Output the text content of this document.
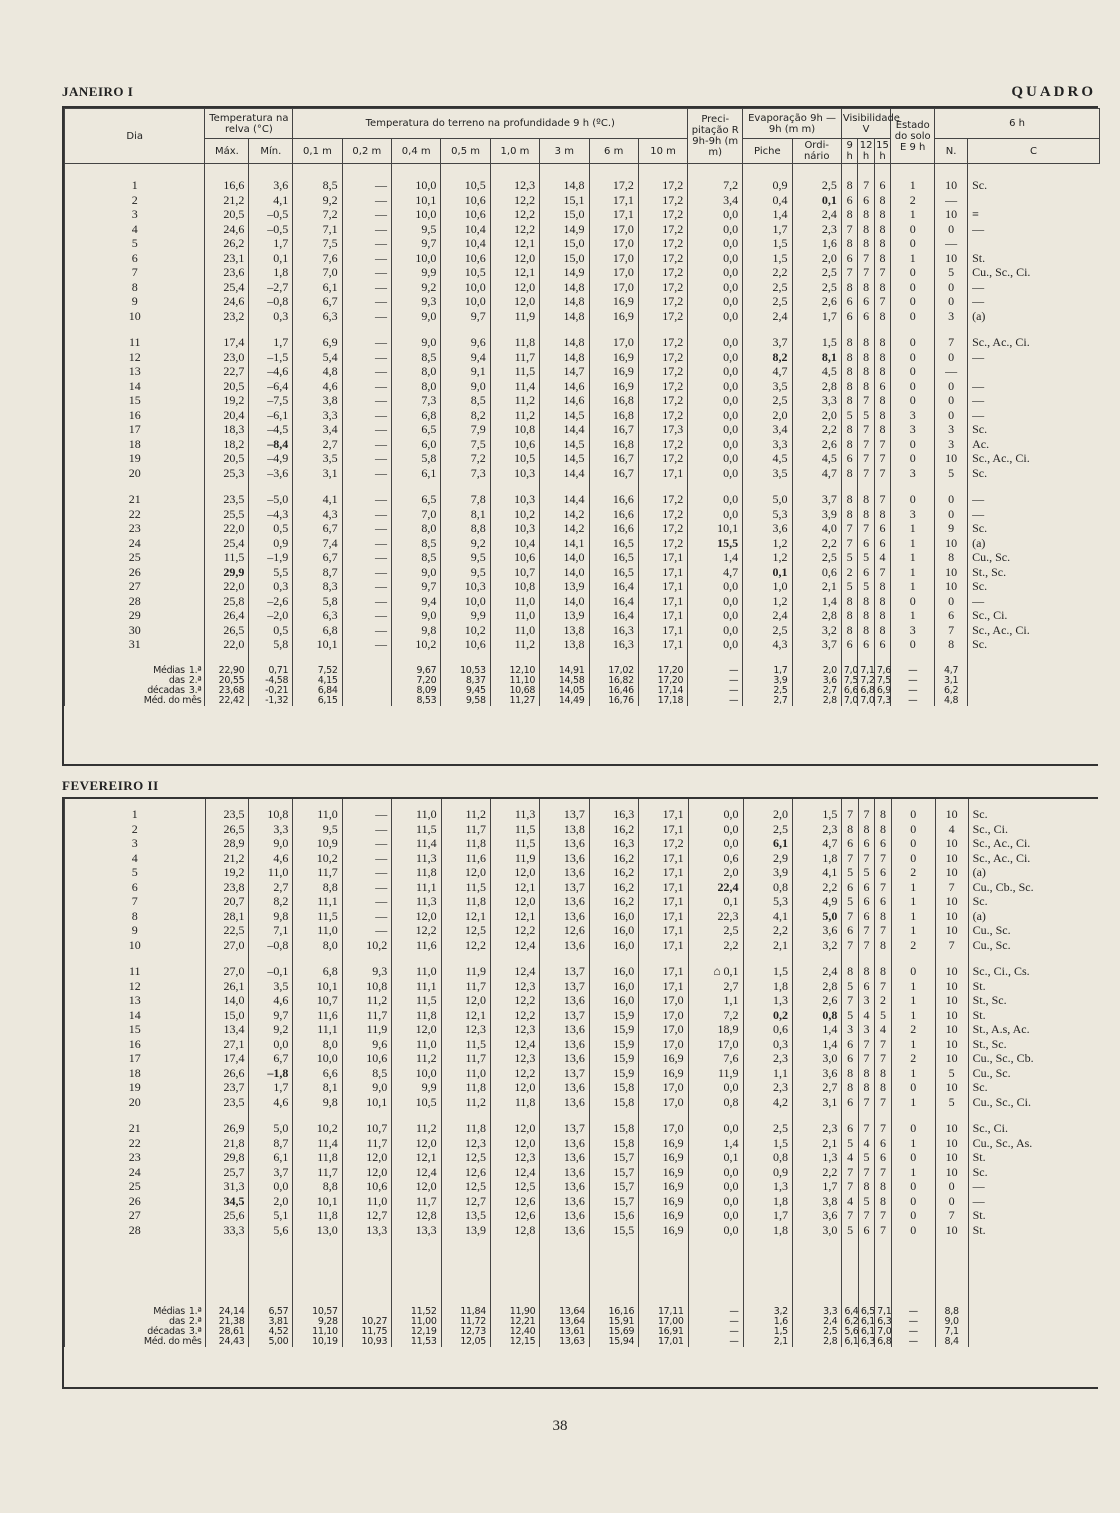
JANEIRO I	QUADRO
Dia	Temperatura na relva (°C)		Temperatura do terreno na profundidade 9 h (ºC.)								Preci-pitação R 9h-9h (m m)	Evaporação 9h — 9h (m m)		Visibilidade V			Estado do solo E 9 h	6 h	
	Máx.	Mín.	0,1 m	0,2 m	0,4 m	0,5 m	1,0 m	3 m	6 m	10 m		Piche	Ordi-nário	9 h	12 h	15 h		N.	C

1	16,6	3,6	8,5	—	10,0	10,5	12,3	14,8	17,2	17,2	7,2	0,9	2,5	8	7	6	1	10	Sc.
2	21,2	4,1	9,2	—	10,1	10,6	12,2	15,1	17,1	17,2	3,4	0,4	0,1	6	6	8	2	—	
3	20,5	–0,5	7,2	—	10,0	10,6	12,2	15,0	17,1	17,2	0,0	1,4	2,4	8	8	8	1	10	≡
4	24,6	–0,5	7,1	—	9,5	10,4	12,2	14,9	17,0	17,2	0,0	1,7	2,3	7	8	8	0	0	—
5	26,2	1,7	7,5	—	9,7	10,4	12,1	15,0	17,0	17,2	0,0	1,5	1,6	8	8	8	0	—	
6	23,1	0,1	7,6	—	10,0	10,6	12,0	15,0	17,0	17,2	0,0	1,5	2,0	6	7	8	1	10	St.
7	23,6	1,8	7,0	—	9,9	10,5	12,1	14,9	17,0	17,2	0,0	2,2	2,5	7	7	7	0	5	Cu., Sc., Ci.
8	25,4	–2,7	6,1	—	9,2	10,0	12,0	14,8	17,0	17,2	0,0	2,5	2,5	8	8	8	0	0	—
9	24,6	–0,8	6,7	—	9,3	10,0	12,0	14,8	16,9	17,2	0,0	2,5	2,6	6	6	7	0	0	—
10	23,2	0,3	6,3	—	9,0	9,7	11,9	14,8	16,9	17,2	0,0	2,4	1,7	6	6	8	0	3	(a)

11	17,4	1,7	6,9	—	9,0	9,6	11,8	14,8	17,0	17,2	0,0	3,7	1,5	8	8	8	0	7	Sc., Ac., Ci.
12	23,0	–1,5	5,4	—	8,5	9,4	11,7	14,8	16,9	17,2	0,0	8,2	8,1	8	8	8	0	0	—
13	22,7	–4,6	4,8	—	8,0	9,1	11,5	14,7	16,9	17,2	0,0	4,7	4,5	8	8	8	0	—	
14	20,5	–6,4	4,6	—	8,0	9,0	11,4	14,6	16,9	17,2	0,0	3,5	2,8	8	8	6	0	0	—
15	19,2	–7,5	3,8	—	7,3	8,5	11,2	14,6	16,8	17,2	0,0	2,5	3,3	8	7	8	0	0	—
16	20,4	–6,1	3,3	—	6,8	8,2	11,2	14,5	16,8	17,2	0,0	2,0	2,0	5	5	8	3	0	—
17	18,3	–4,5	3,4	—	6,5	7,9	10,8	14,4	16,7	17,3	0,0	3,4	2,2	8	7	8	3	3	Sc.
18	18,2	–8,4	2,7	—	6,0	7,5	10,6	14,5	16,8	17,2	0,0	3,3	2,6	8	7	7	0	3	Ac.
19	20,5	–4,9	3,5	—	5,8	7,2	10,5	14,5	16,7	17,2	0,0	4,5	4,5	6	7	7	0	10	Sc., Ac., Ci.
20	25,3	–3,6	3,1	—	6,1	7,3	10,3	14,4	16,7	17,1	0,0	3,5	4,7	8	7	7	3	5	Sc.

21	23,5	–5,0	4,1	—	6,5	7,8	10,3	14,4	16,6	17,2	0,0	5,0	3,7	8	8	7	0	0	—
22	25,5	–4,3	4,3	—	7,0	8,1	10,2	14,2	16,6	17,2	0,0	5,3	3,9	8	8	8	3	0	—
23	22,0	0,5	6,7	—	8,0	8,8	10,3	14,2	16,6	17,2	10,1	3,6	4,0	7	7	6	1	9	Sc.
24	25,4	0,9	7,4	—	8,5	9,2	10,4	14,1	16,5	17,2	15,5	1,2	2,2	7	6	6	1	10	(a)
25	11,5	–1,9	6,7	—	8,5	9,5	10,6	14,0	16,5	17,1	1,4	1,2	2,5	5	5	4	1	8	Cu., Sc.
26	29,9	5,5	8,7	—	9,0	9,5	10,7	14,0	16,5	17,1	4,7	0,1	0,6	2	6	7	1	10	St., Sc.
27	22,0	0,3	8,3	—	9,7	10,3	10,8	13,9	16,4	17,1	0,0	1,0	2,1	5	5	8	1	10	Sc.
28	25,8	–2,6	5,8	—	9,4	10,0	11,0	14,0	16,4	17,1	0,0	1,2	1,4	8	8	8	0	0	—
29	26,4	–2,0	6,3	—	9,0	9,9	11,0	13,9	16,4	17,1	0,0	2,4	2,8	8	8	8	1	6	Sc., Ci.
30	26,5	0,5	6,8	—	9,8	10,2	11,0	13,8	16,3	17,1	0,0	2,5	3,2	8	8	8	3	7	Sc., Ac., Ci.
31	22,0	5,8	10,1	—	10,2	10,6	11,2	13,8	16,3	17,1	0,0	4,3	3,7	6	6	6	0	8	Sc.

Médias 1.ª	22,90	0,71	7,52		9,67	10,53	12,10	14,91	17,02	17,20	—	1,7	2,0	7,0	7,1	7,6	—	4,7	
das 2.ª	20,55	-4,58	4,15		7,20	8,37	11,10	14,58	16,82	17,20	—	3,9	3,6	7,5	7,2	7,5	—	3,1	
décadas 3.ª	23,68	-0,21	6,84		8,09	9,45	10,68	14,05	16,46	17,14	—	2,5	2,7	6,6	6,8	6,9	—	6,2	
Méd. do mês	22,42	-1,32	6,15		8,53	9,58	11,27	14,49	16,76	17,18	—	2,7	2,8	7,0	7,0	7,3	—	4,8	
FEVEREIRO II

1	23,5	10,8	11,0	—	11,0	11,2	11,3	13,7	16,3	17,1	0,0	2,0	1,5	7	7	8	0	10	Sc.
2	26,5	3,3	9,5	—	11,5	11,7	11,5	13,8	16,2	17,1	0,0	2,5	2,3	8	8	8	0	4	Sc., Ci.
3	28,9	9,0	10,9	—	11,4	11,8	11,5	13,6	16,3	17,2	0,0	6,1	4,7	6	6	6	0	10	Sc., Ac., Ci.
4	21,2	4,6	10,2	—	11,3	11,6	11,9	13,6	16,2	17,1	0,6	2,9	1,8	7	7	7	0	10	Sc., Ac., Ci.
5	19,2	11,0	11,7	—	11,8	12,0	12,0	13,6	16,2	17,1	2,0	3,9	4,1	5	5	6	2	10	(a)
6	23,8	2,7	8,8	—	11,1	11,5	12,1	13,7	16,2	17,1	22,4	0,8	2,2	6	6	7	1	7	Cu., Cb., Sc.
7	20,7	8,2	11,1	—	11,3	11,8	12,0	13,6	16,2	17,1	0,1	5,3	4,9	5	6	6	1	10	Sc.
8	28,1	9,8	11,5	—	12,0	12,1	12,1	13,6	16,0	17,1	22,3	4,1	5,0	7	6	8	1	10	(a)
9	22,5	7,1	11,0	—	12,2	12,5	12,2	12,6	16,0	17,1	2,5	2,2	3,6	6	7	7	1	10	Cu., Sc.
10	27,0	–0,8	8,0	10,2	11,6	12,2	12,4	13,6	16,0	17,1	2,2	2,1	3,2	7	7	8	2	7	Cu., Sc.

11	27,0	–0,1	6,8	9,3	11,0	11,9	12,4	13,7	16,0	17,1	⌂ 0,1	1,5	2,4	8	8	8	0	10	Sc., Ci., Cs.
12	26,1	3,5	10,1	10,8	11,1	11,7	12,3	13,7	16,0	17,1	2,7	1,8	2,8	5	6	7	1	10	St.
13	14,0	4,6	10,7	11,2	11,5	12,0	12,2	13,6	16,0	17,0	1,1	1,3	2,6	7	3	2	1	10	St., Sc.
14	15,0	9,7	11,6	11,7	11,8	12,1	12,2	13,7	15,9	17,0	7,2	0,2	0,8	5	4	5	1	10	St.
15	13,4	9,2	11,1	11,9	12,0	12,3	12,3	13,6	15,9	17,0	18,9	0,6	1,4	3	3	4	2	10	St., A.s, Ac.
16	27,1	0,0	8,0	9,6	11,0	11,5	12,4	13,6	15,9	17,0	17,0	0,3	1,4	6	7	7	1	10	St., Sc.
17	17,4	6,7	10,0	10,6	11,2	11,7	12,3	13,6	15,9	16,9	7,6	2,3	3,0	6	7	7	2	10	Cu., Sc., Cb.
18	26,6	–1,8	6,6	8,5	10,0	11,0	12,2	13,7	15,9	16,9	11,9	1,1	3,6	8	8	8	1	5	Cu., Sc.
19	23,7	1,7	8,1	9,0	9,9	11,8	12,0	13,6	15,8	17,0	0,0	2,3	2,7	8	8	8	0	10	Sc.
20	23,5	4,6	9,8	10,1	10,5	11,2	11,8	13,6	15,8	17,0	0,8	4,2	3,1	6	7	7	1	5	Cu., Sc., Ci.

21	26,9	5,0	10,2	10,7	11,2	11,8	12,0	13,7	15,8	17,0	0,0	2,5	2,3	6	7	7	0	10	Sc., Ci.
22	21,8	8,7	11,4	11,7	12,0	12,3	12,0	13,6	15,8	16,9	1,4	1,5	2,1	5	4	6	1	10	Cu., Sc., As.
23	29,8	6,1	11,8	12,0	12,1	12,5	12,3	13,6	15,7	16,9	0,1	0,8	1,3	4	5	6	0	10	St.
24	25,7	3,7	11,7	12,0	12,4	12,6	12,4	13,6	15,7	16,9	0,0	0,9	2,2	7	7	7	1	10	Sc.
25	31,3	0,0	8,8	10,6	12,0	12,5	12,5	13,6	15,7	16,9	0,0	1,3	1,7	7	8	8	0	0	—
26	34,5	2,0	10,1	11,0	11,7	12,7	12,6	13,6	15,7	16,9	0,0	1,8	3,8	4	5	8	0	0	—
27	25,6	5,1	11,8	12,7	12,8	13,5	12,6	13,6	15,6	16,9	0,0	1,7	3,6	7	7	7	0	7	St.
28	33,3	5,6	13,0	13,3	13,3	13,9	12,8	13,6	15,5	16,9	0,0	1,8	3,0	5	6	7	0	10	St.

Médias 1.ª	24,14	6,57	10,57		11,52	11,84	11,90	13,64	16,16	17,11	—	3,2	3,3	6,4	6,5	7,1	—	8,8	
das 2.ª	21,38	3,81	9,28	10,27	11,00	11,72	12,21	13,64	15,91	17,00	—	1,6	2,4	6,2	6,1	6,3	—	9,0	
décadas 3.ª	28,61	4,52	11,10	11,75	12,19	12,73	12,40	13,61	15,69	16,91	—	1,5	2,5	5,6	6,1	7,0	—	7,1	
Méd. do mês	24,43	5,00	10,19	10,93	11,53	12,05	12,15	13,63	15,94	17,01	—	2,1	2,8	6,1	6,3	6,8	—	8,4	
38
